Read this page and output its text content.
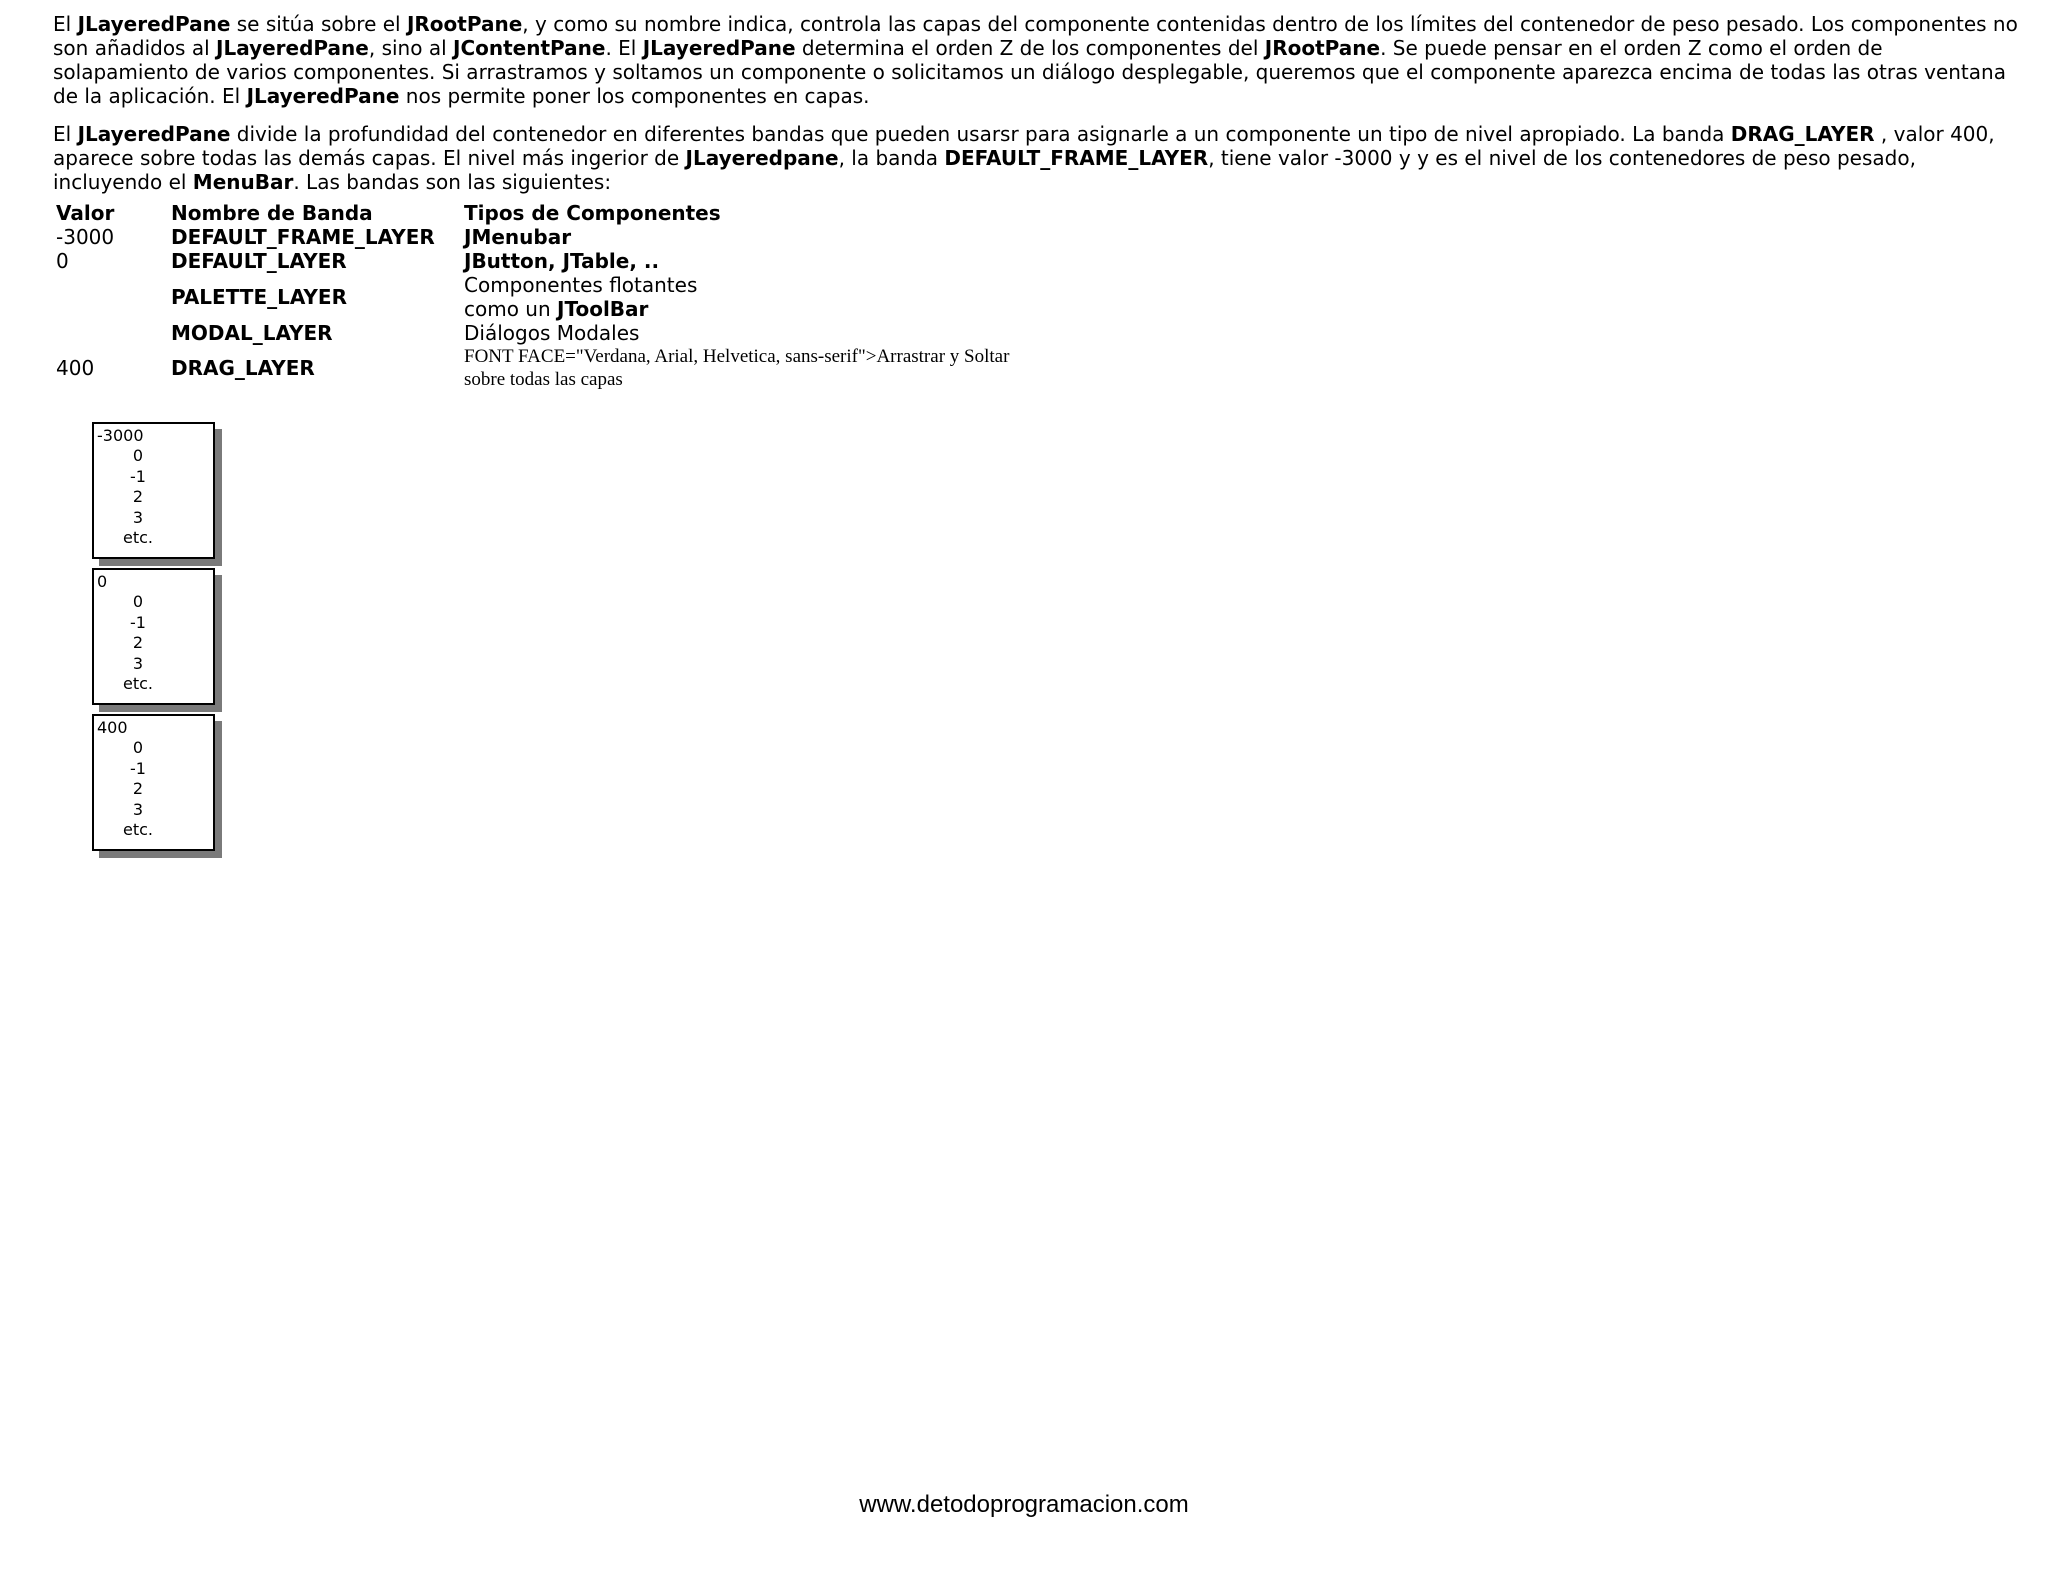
El JLayeredPane se sitúa sobre el JRootPane, y como su nombre indica, controla las capas del componente contenidas dentro de los límites del contenedor de peso pesado. Los componentes no son añadidos al JLayeredPane, sino al JContentPane. El JLayeredPane determina el orden Z de los componentes del JRootPane. Se puede pensar en el orden Z como el orden de solapamiento de varios componentes. Si arrastramos y soltamos un componente o solicitamos un diálogo desplegable, queremos que el componente aparezca encima de todas las otras ventana de la aplicación. El JLayeredPane nos permite poner los componentes en capas.

El JLayeredPane divide la profundidad del contenedor en diferentes bandas que pueden usarsr para asignarle a un componente un tipo de nivel apropiado. La banda DRAG_LAYER , valor 400, aparece sobre todas las demás capas. El nivel más ingerior de JLayeredpane, la banda DEFAULT_FRAME_LAYER, tiene valor -3000 y y es el nivel de los contenedores de peso pesado, incluyendo el MenuBar. Las bandas son las siguientes:

Valor	Nombre de Banda	Tipos de Componentes
-3000	DEFAULT_FRAME_LAYER	JMenubar
0	DEFAULT_LAYER	JButton, JTable, ..
	PALETTE_LAYER	Componentes flotantes
como un JToolBar
	MODAL_LAYER	Diálogos Modales
400	DRAG_LAYER	FONT FACE="Verdana, Arial, Helvetica, sans-serif">Arrastrar y Soltar
sobre todas las capas
-3000
0
-1
2
3
etc.
0
0
-1
2
3
etc.
400
0
-1
2
3
etc.
www.detodoprogramacion.com
